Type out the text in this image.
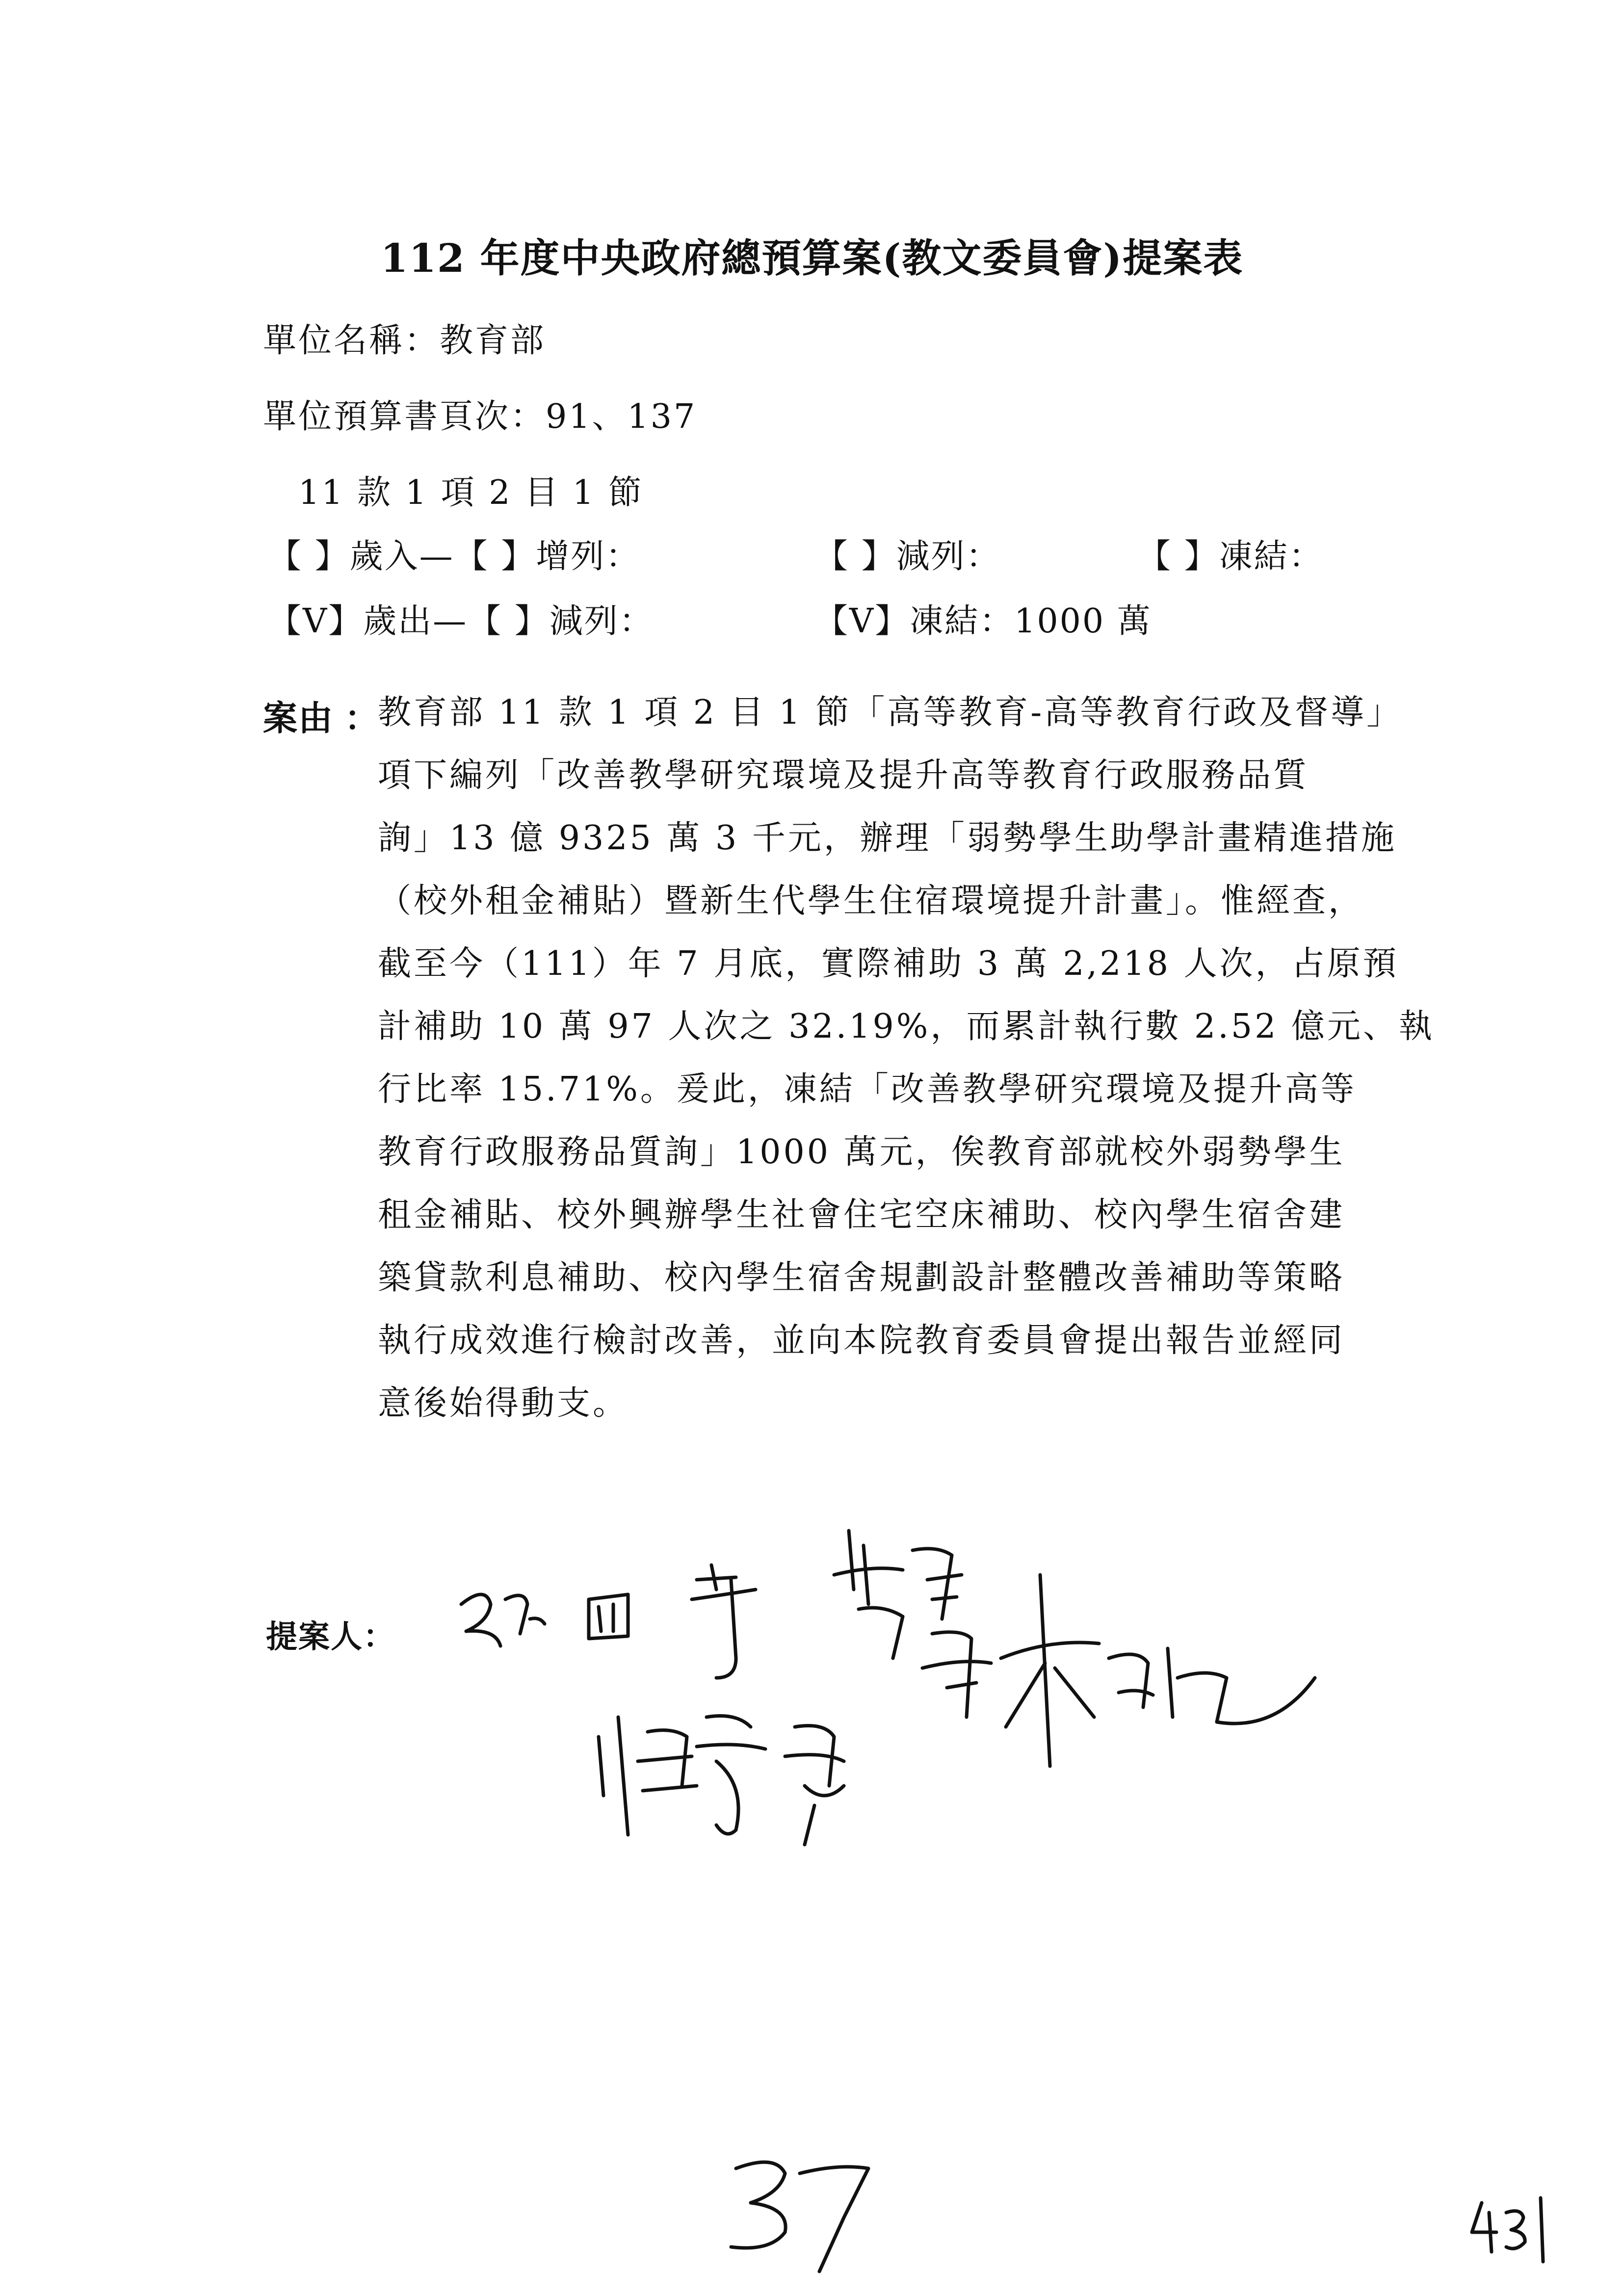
112 年度中央政府總預算案(教文委員會)提案表
單位名稱：教育部
單位預算書頁次：91、137
11 款 1 項 2 目 1 節
【 】歲入—【 】增列：	【 】減列：	【 】凍結：
【V】歲出—【 】減列：	【V】凍結：1000 萬
案由 ：
教育部 11 款 1 項 2 目 1 節「高等教育-高等教育行政及督導」
項下編列「改善教學研究環境及提升高等教育行政服務品質
詢」13 億 9325 萬 3 千元，辦理「弱勢學生助學計畫精進措施
（校外租金補貼）暨新生代學生住宿環境提升計畫」。惟經查，
截至今（111）年 7 月底，實際補助 3 萬 2,218 人次，占原預
計補助 10 萬 97 人次之 32.19%，而累計執行數 2.52 億元、執
行比率 15.71%。爰此，凍結「改善教學研究環境及提升高等
教育行政服務品質詢」1000 萬元，俟教育部就校外弱勢學生
租金補貼、校外興辦學生社會住宅空床補助、校內學生宿舍建
築貸款利息補助、校內學生宿舍規劃設計整體改善補助等策略
執行成效進行檢討改善，並向本院教育委員會提出報告並經同
意後始得動支。
提案人：
